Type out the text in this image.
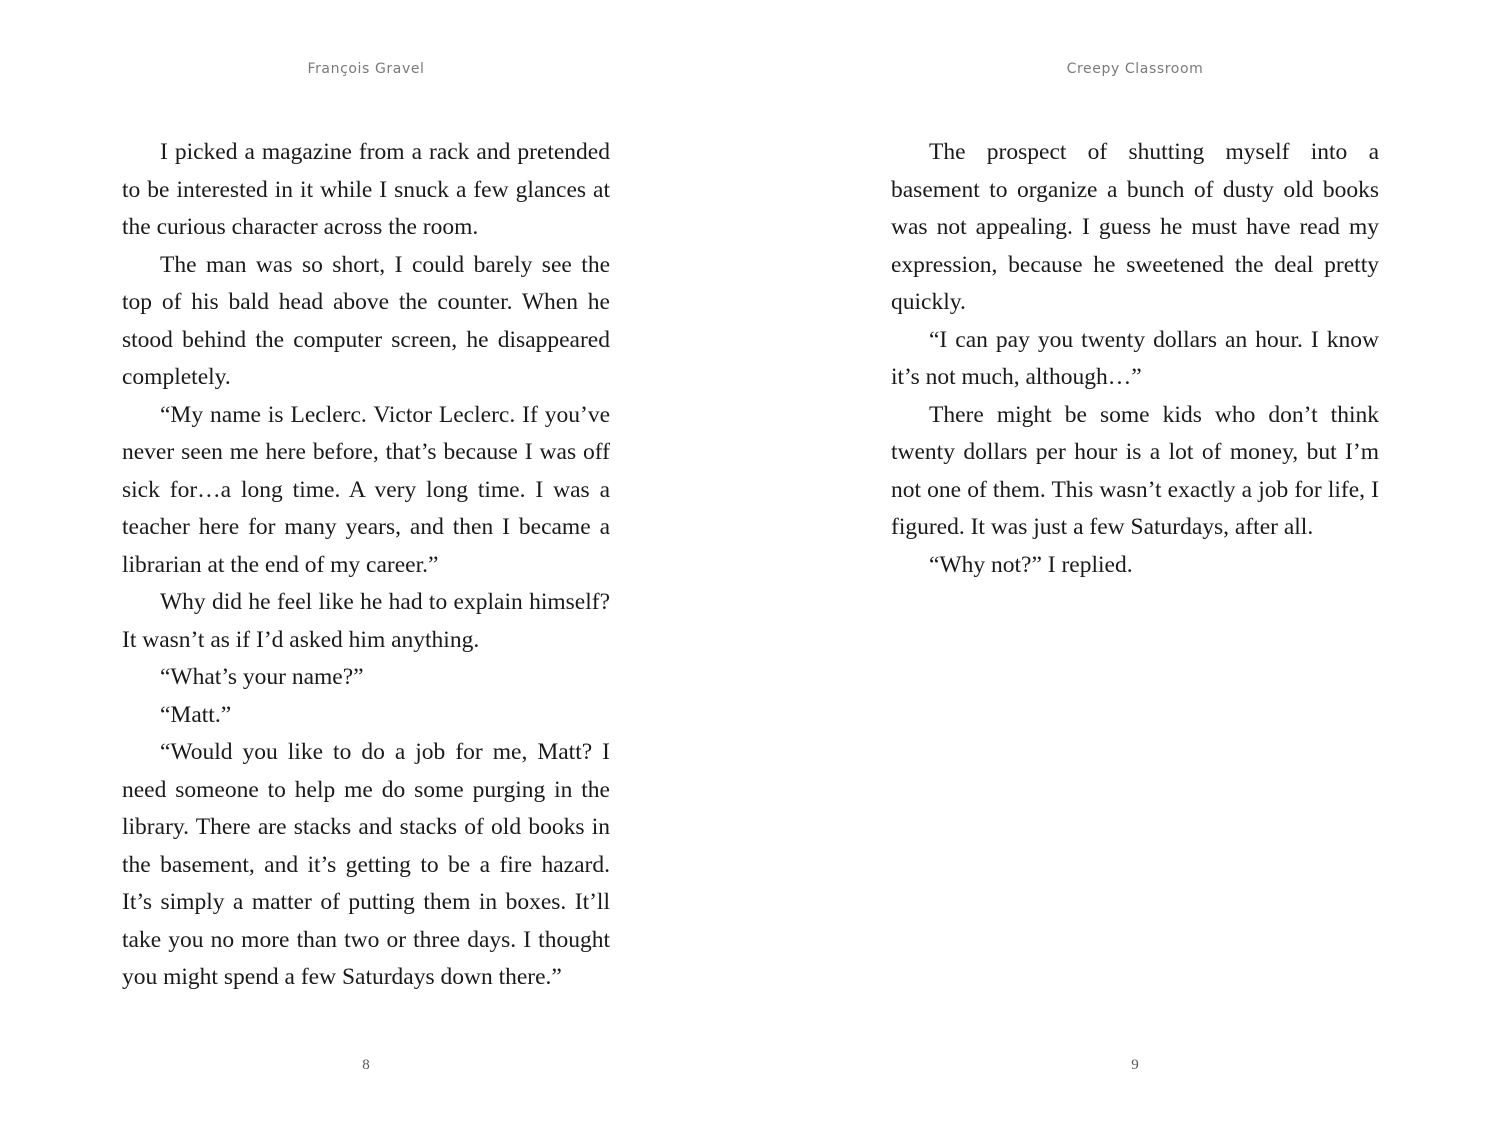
François Gravel

I picked a magazine from a rack and pretended to be interested in it while I snuck a few glances at the curious character across the room.

The man was so short, I could barely see the top of his bald head above the counter. When he stood behind the computer screen, he disappeared completely.

“My name is Leclerc. Victor Leclerc. If you’ve never seen me here before, that’s because I was off sick for…a long time. A very long time. I was a teacher here for many years, and then I became a librarian at the end of my career.”

Why did he feel like he had to explain himself? It wasn’t as if I’d asked him anything.

“What’s your name?”

“Matt.”

“Would you like to do a job for me, Matt? I need someone to help me do some purging in the library. There are stacks and stacks of old books in the basement, and it’s getting to be a fire hazard. It’s simply a matter of putting them in boxes. It’ll take you no more than two or three days. I thought you might spend a few Saturdays down there.”

8
Creepy Classroom

The prospect of shutting myself into a basement to organize a bunch of dusty old books was not appealing. I guess he must have read my expression, because he sweetened the deal pretty quickly.

“I can pay you twenty dollars an hour. I know it’s not much, although…”

There might be some kids who don’t think twenty dollars per hour is a lot of money, but I’m not one of them. This wasn’t exactly a job for life, I figured. It was just a few Saturdays, after all.

“Why not?” I replied.

9
